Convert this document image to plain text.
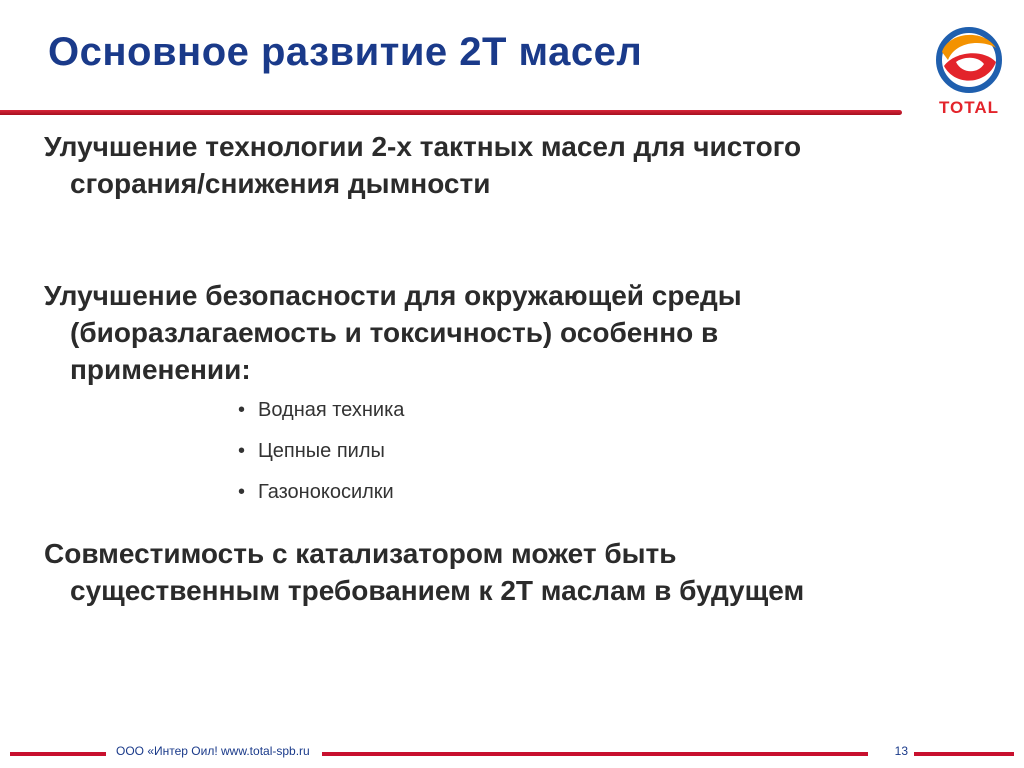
Основное развитие 2Т масел
TOTAL
Улучшение технологии 2-х тактных масел для чистого
сгорания/снижения дымности
Улучшение безопасности для окружающей среды
(биоразлагаемость и токсичность) особенно в
применении:
• Водная техника
• Цепные пилы
• Газонокосилки
Совместимость с катализатором может быть
существенным требованием к 2Т маслам в будущем
ООО «Интер Оил! www.total-spb.ru	13
